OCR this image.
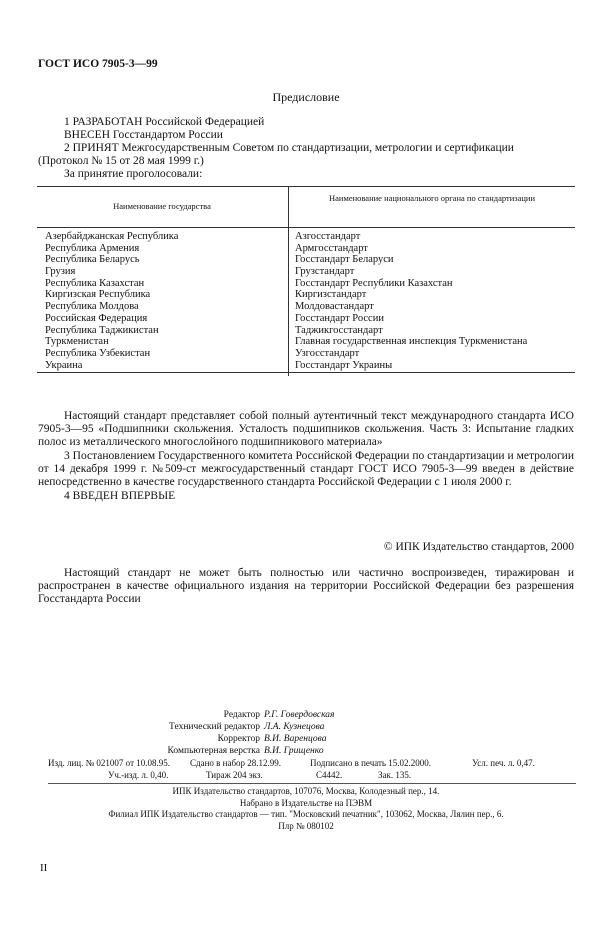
ГОСТ ИСО 7905-3—99
Предисловие
1 РАЗРАБОТАН Российской Федерацией
ВНЕСЕН Госстандартом России
2 ПРИНЯТ Межгосударственным Советом по стандартизации, метрологии и сертификации
(Протокол № 15 от 28 мая 1999 г.)
За принятие проголосовали:
Наименование государства
Наименование национального органа по стандартизации
Азербайджанская Республика	Азгосстандарт
Республика Армения	Армгосстандарт
Республика Беларусь	Госстандарт Беларуси
Грузия	Грузстандарт
Республика Казахстан	Госстандарт Республики Казахстан
Киргизская Республика	Киргизстандарт
Республика Молдова	Молдовастандарт
Российская Федерация	Госстандарт России
Республика Таджикистан	Таджикгосстандарт
Туркменистан	Главная государственная инспекция Туркменистана
Республика Узбекистан	Узгосстандарт
Украина	Госстандарт Украины
Настоящий стандарт представляет собой полный аутентичный текст международного стандарта ИСО 7905-3—95 «Подшипники скольжения. Усталость подшипников скольжения. Часть 3: Испытание гладких полос из металлического многослойного подшипникового материала»
3 Постановлением Государственного комитета Российской Федерации по стандартизации и метрологии от 14 декабря 1999 г. №509-ст межгосударственный стандарт ГОСТ ИСО 7905-3—99 введен в действие непосредственно в качестве государственного стандарта Российской Федерации с 1 июля 2000 г.
4 ВВЕДЕН ВПЕРВЫЕ
© ИПК Издательство стандартов, 2000
Настоящий стандарт не может быть полностью или частично воспроизведен, тиражирован и распространен в качестве официального издания на территории Российской Федерации без разрешения Госстандарта России
Редактор Р.Г. Говердовская
Технический редактор Л.А. Кузнецова
Корректор В.И. Варенцова
Компьютерная верстка В.И. Грищенко
Изд. лиц. № 021007 от 10.08.95. Сдано в набор 28.12.99.	Подписано в печать 15.02.2000.	Усл. печ. л. 0,47.
Уч.-изд. л. 0,40.	Тираж 204 экз.	С4442.	Зак. 135.
ИПК Издательство стандартов, 107076, Москва, Колодезный пер., 14.
Набрано в Издательстве на ПЭВМ
Филиал ИПК Издательство стандартов — тип. "Московский печатник", 103062, Москва, Лялин пер., 6.
Плр № 080102
II
